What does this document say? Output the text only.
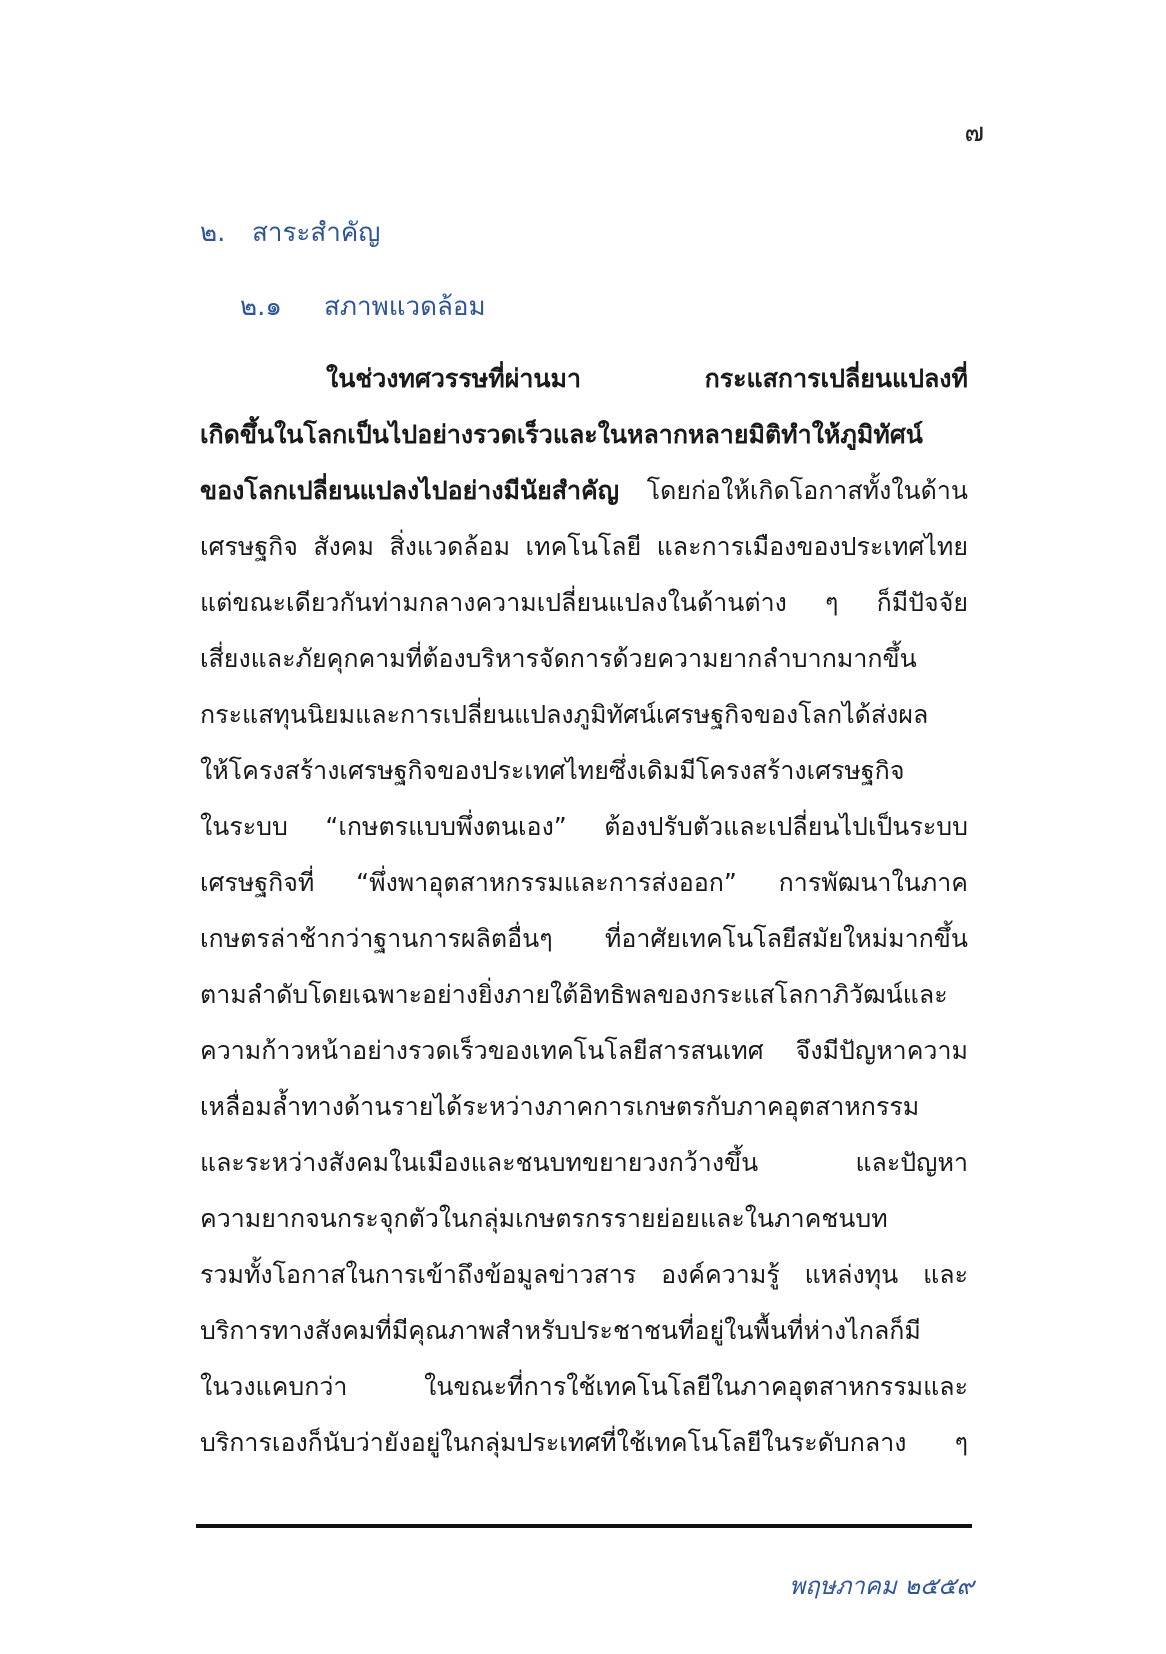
๗
๒. สาระสำคัญ
๒.๑ สภาพแวดล้อม
ในช่วงทศวรรษที่ผ่านมา กระแสการเปลี่ยนแปลงที่
เกิดขึ้นในโลกเป็นไปอย่างรวดเร็วและในหลากหลายมิติทำให้ภูมิทัศน์
ของโลกเปลี่ยนแปลงไปอย่างมีนัยสำคัญ โดยก่อให้เกิดโอกาสทั้งในด้าน
เศรษฐกิจ สังคม สิ่งแวดล้อม เทคโนโลยี และการเมืองของประเทศไทย
แต่ขณะเดียวกันท่ามกลางความเปลี่ยนแปลงในด้านต่าง ๆ ก็มีปัจจัย
เสี่ยงและภัยคุกคามที่ต้องบริหารจัดการด้วยความยากลำบากมากขึ้น
กระแสทุนนิยมและการเปลี่ยนแปลงภูมิทัศน์เศรษฐกิจของโลกได้ส่งผล
ให้โครงสร้างเศรษฐกิจของประเทศไทยซึ่งเดิมมีโครงสร้างเศรษฐกิจ
ในระบบ “เกษตรแบบพึ่งตนเอง” ต้องปรับตัวและเปลี่ยนไปเป็นระบบ
เศรษฐกิจที่ “พึ่งพาอุตสาหกรรมและการส่งออก” การพัฒนาในภาค
เกษตรล่าช้ากว่าฐานการผลิตอื่นๆ ที่อาศัยเทคโนโลยีสมัยใหม่มากขึ้น
ตามลำดับโดยเฉพาะอย่างยิ่งภายใต้อิทธิพลของกระแสโลกาภิวัฒน์และ
ความก้าวหน้าอย่างรวดเร็วของเทคโนโลยีสารสนเทศ จึงมีปัญหาความ
เหลื่อมล้ำทางด้านรายได้ระหว่างภาคการเกษตรกับภาคอุตสาหกรรม
และระหว่างสังคมในเมืองและชนบทขยายวงกว้างขึ้น และปัญหา
ความยากจนกระจุกตัวในกลุ่มเกษตรกรรายย่อยและในภาคชนบท
รวมทั้งโอกาสในการเข้าถึงข้อมูลข่าวสาร องค์ความรู้ แหล่งทุน และ
บริการทางสังคมที่มีคุณภาพสำหรับประชาชนที่อยู่ในพื้นที่ห่างไกลก็มี
ในวงแคบกว่า ในขณะที่การใช้เทคโนโลยีในภาคอุตสาหกรรมและ
บริการเองก็นับว่ายังอยู่ในกลุ่มประเทศที่ใช้เทคโนโลยีในระดับกลาง ๆ
พฤษภาคม ๒๕๕๙
